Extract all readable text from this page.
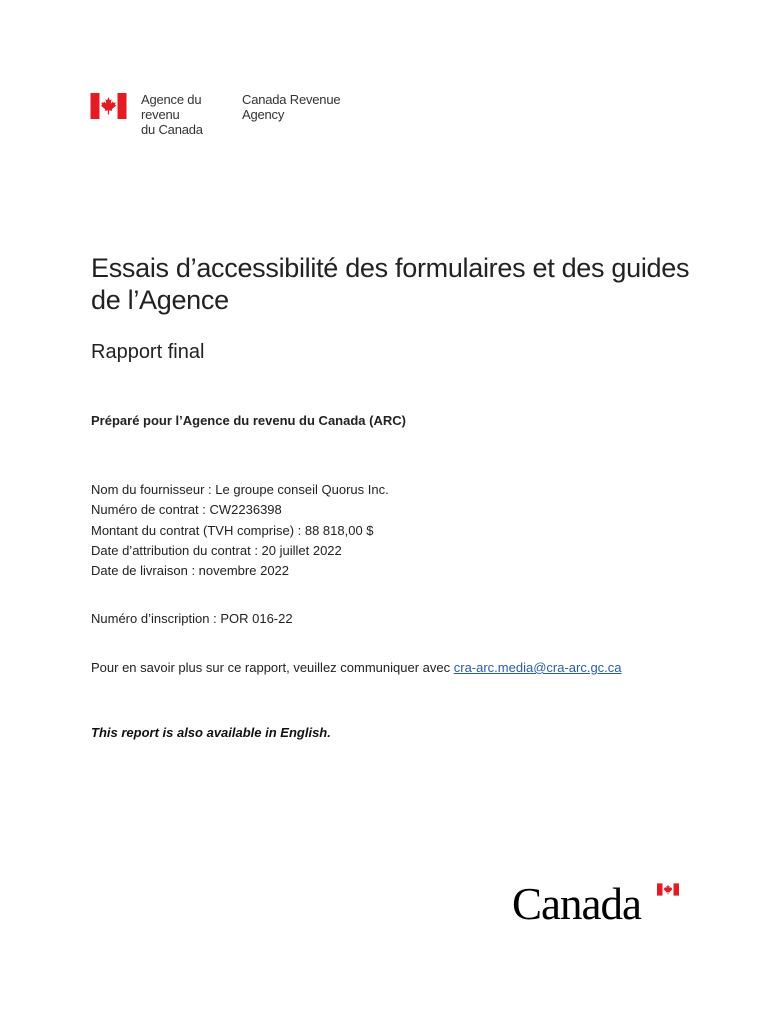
Agence du revenu
du Canada
Canada Revenue
Agency
Essais d’accessibilité des formulaires et des guides de l’Agence
Rapport final
Préparé pour l’Agence du revenu du Canada (ARC)
Nom du fournisseur : Le groupe conseil Quorus Inc.
Numéro de contrat : CW2236398
Montant du contrat (TVH comprise) : 88 818,00 $
Date d’attribution du contrat : 20 juillet 2022
Date de livraison : novembre 2022
Numéro d’inscription : POR 016-22
Pour en savoir plus sur ce rapport, veuillez communiquer avec cra-arc.media@cra-arc.gc.ca
This report is also available in English.
Canada
